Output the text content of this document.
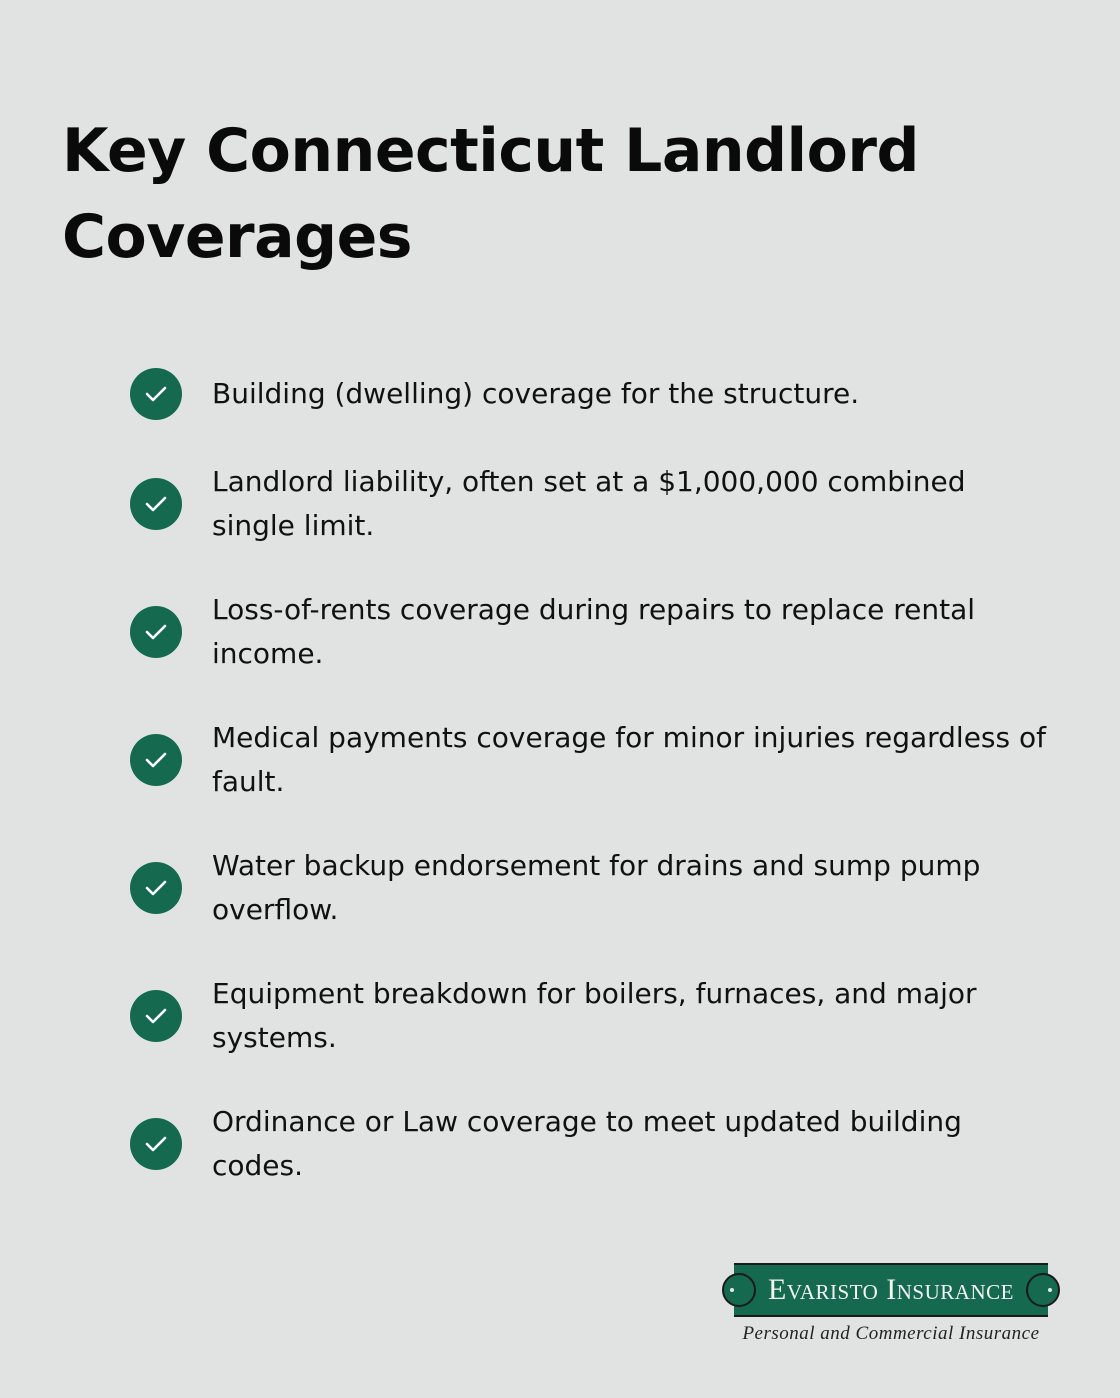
Key Connecticut Landlord Coverages
Building (dwelling) coverage for the structure.
Landlord liability, often set at a $1,000,000 combined single limit.
Loss-of-rents coverage during repairs to replace rental income.
Medical payments coverage for minor injuries regardless of fault.
Water backup endorsement for drains and sump pump overflow.
Equipment breakdown for boilers, furnaces, and major systems.
Ordinance or Law coverage to meet updated building codes.
Evaristo Insurance
Personal and Commercial Insurance
